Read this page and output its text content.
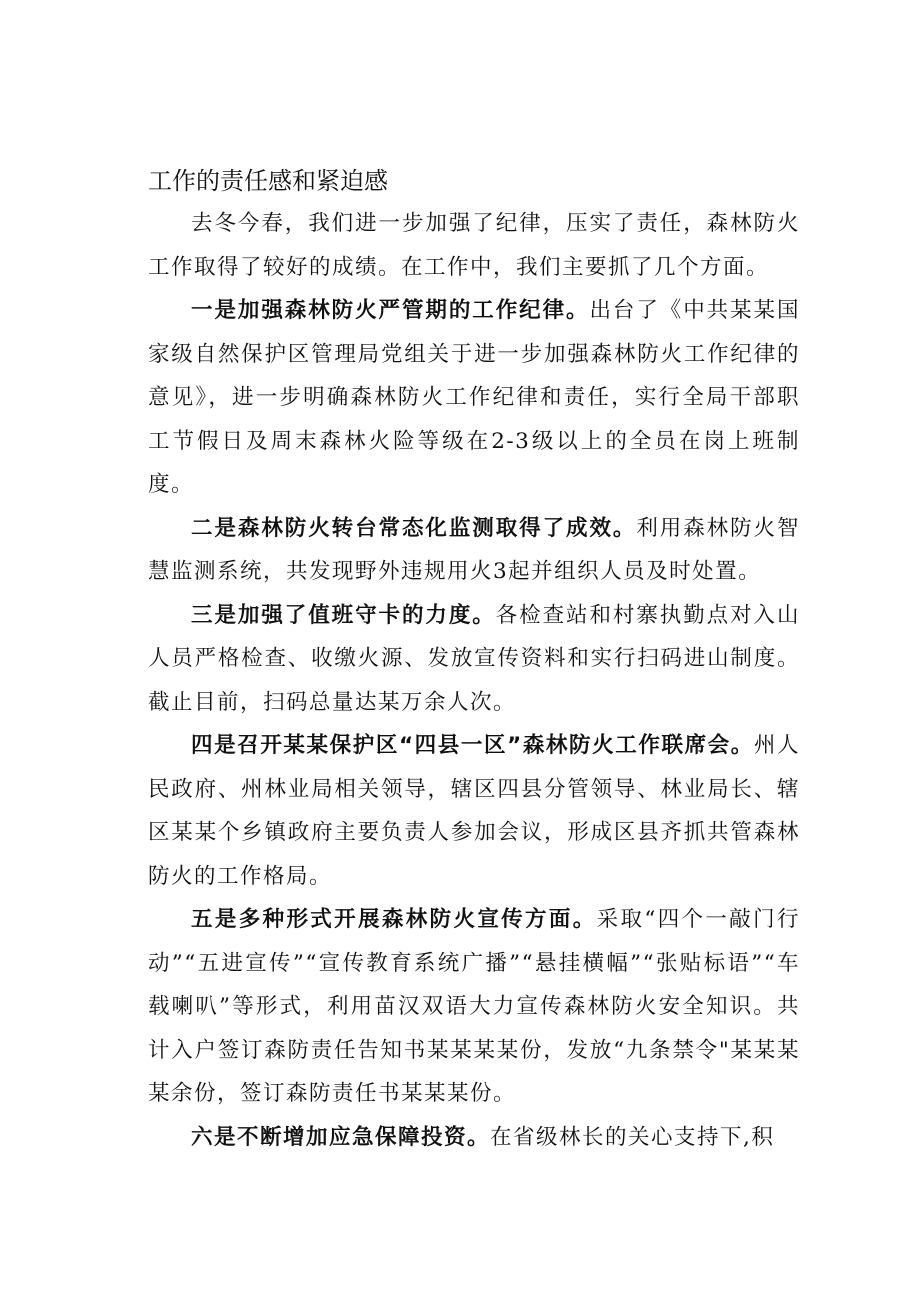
工作的责任感和紧迫感

去冬今春，我们进一步加强了纪律，压实了责任，森林防火工作取得了较好的成绩。在工作中，我们主要抓了几个方面。

一是加强森林防火严管期的工作纪律。出台了《中共某某国家级自然保护区管理局党组关于进一步加强森林防火工作纪律的意见》，进一步明确森林防火工作纪律和责任，实行全局干部职工节假日及周末森林火险等级在2-3级以上的全员在岗上班制度。

二是森林防火转台常态化监测取得了成效。利用森林防火智慧监测系统，共发现野外违规用火3起并组织人员及时处置。

三是加强了值班守卡的力度。各检查站和村寨执勤点对入山人员严格检查、收缴火源、发放宣传资料和实行扫码进山制度。截止目前，扫码总量达某万余人次。

四是召开某某保护区“四县一区”森林防火工作联席会。州人民政府、州林业局相关领导，辖区四县分管领导、林业局长、辖区某某个乡镇政府主要负责人参加会议，形成区县齐抓共管森林防火的工作格局。

五是多种形式开展森林防火宣传方面。采取“四个一敲门行动”“五进宣传”“宣传教育系统广播”“悬挂横幅”“张贴标语”“车载喇叭”等形式，利用苗汉双语大力宣传森林防火安全知识。共计入户签订森防责任告知书某某某某份，发放“九条禁令"某某某某余份，签订森防责任书某某某份。

六是不断增加应急保障投资。在省级林长的关心支持下,积
